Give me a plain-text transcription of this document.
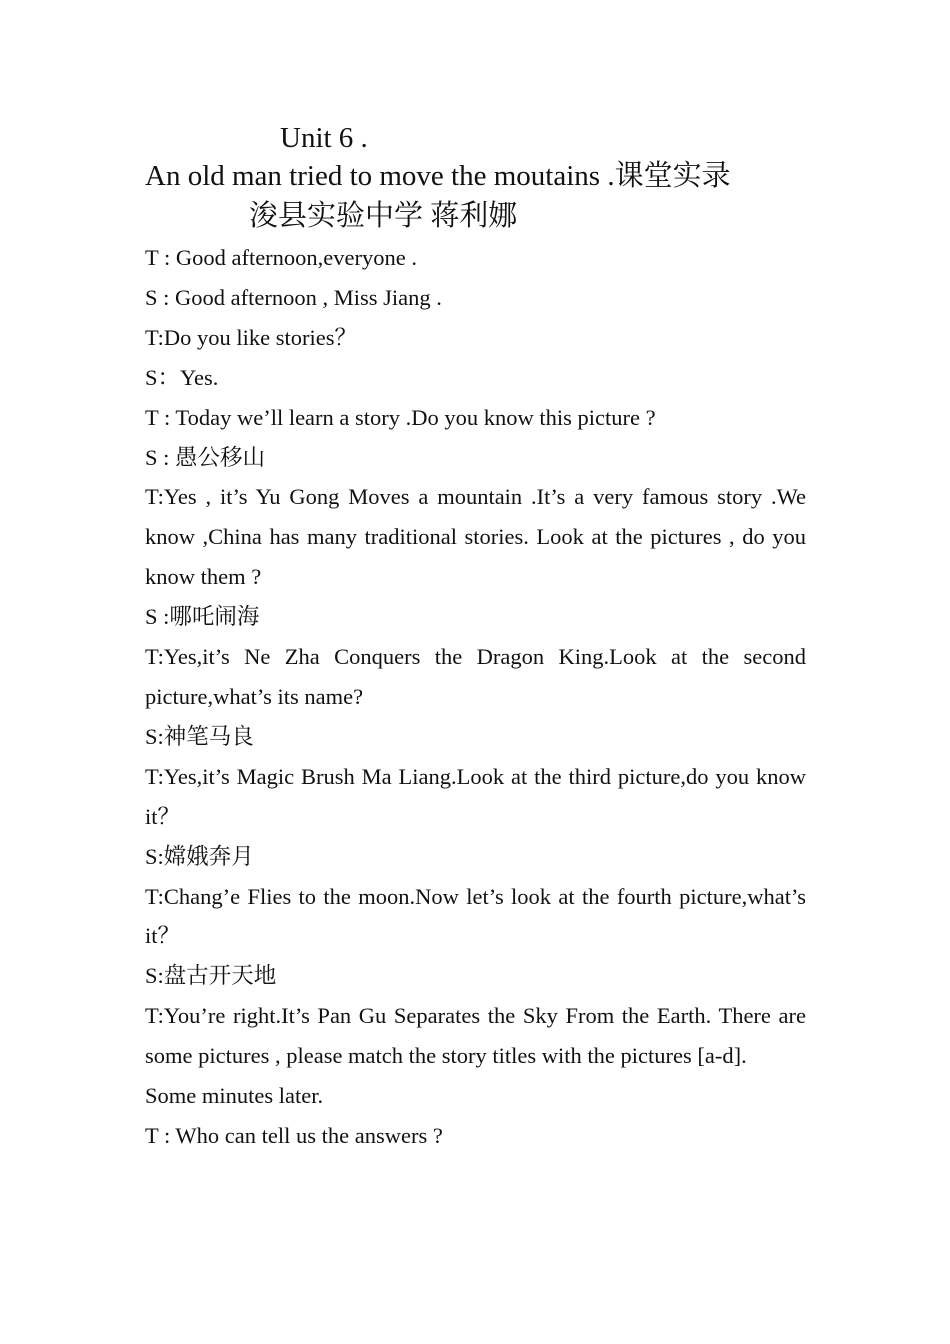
Unit 6 .
An old man tried to move the moutains .课堂实录
浚县实验中学 蒋利娜

T : Good afternoon,everyone .

S : Good afternoon , Miss Jiang .

T:Do you like stories？

S：Yes.

T : Today we’ll learn a story .Do you know this picture ?

S : 愚公移山

T:Yes , it’s Yu Gong Moves a mountain .It’s a very famous story .We know ,China has many traditional stories. Look at the pictures , do you know them ?

S :哪吒闹海

T:Yes,it’s Ne Zha Conquers the Dragon King.Look at the second picture,what’s its name?

S:神笔马良

T:Yes,it’s Magic Brush Ma Liang.Look at the third picture,do you know it？

S:嫦娥奔月

T:Chang’e Flies to the moon.Now let’s look at the fourth picture,what’s it？

S:盘古开天地

T:You’re right.It’s Pan Gu Separates the Sky From the Earth. There are some pictures , please match the story titles with the pictures [a-d].

Some minutes later.

T : Who can tell us the answers ?
